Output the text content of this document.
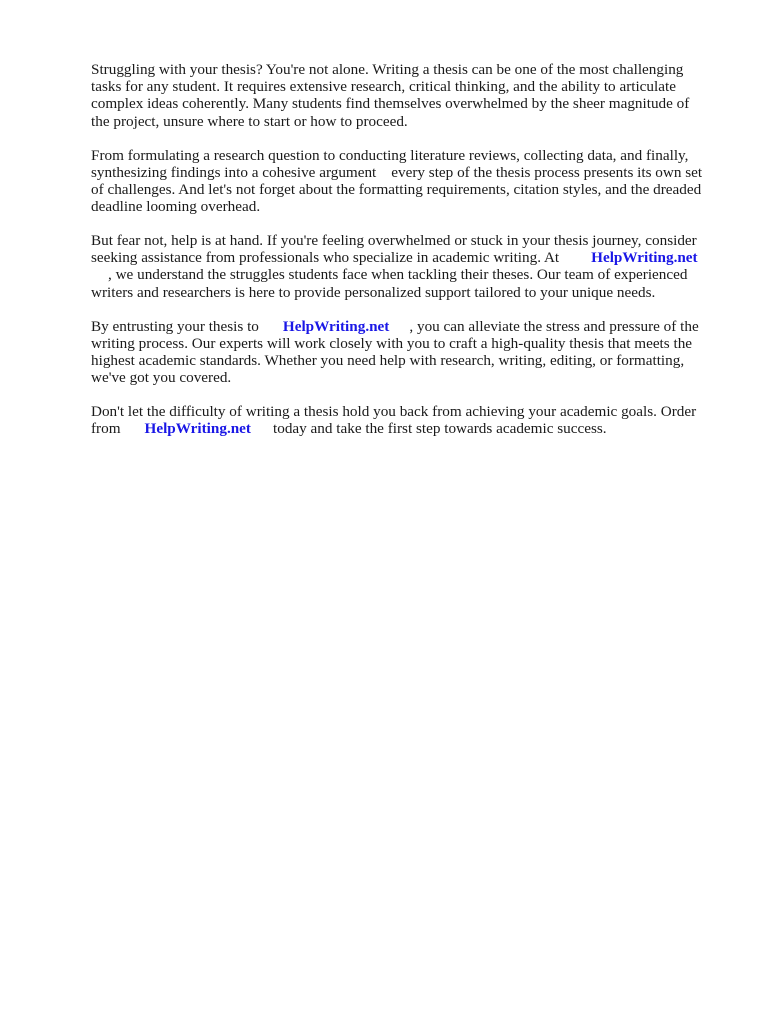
Struggling with your thesis? You're not alone. Writing a thesis can be one of the most challenging
tasks for any student. It requires extensive research, critical thinking, and the ability to articulate
complex ideas coherently. Many students find themselves overwhelmed by the sheer magnitude of
the project, unsure where to start or how to proceed.

From formulating a research question to conducting literature reviews, collecting data, and finally,
synthesizing findings into a cohesive argument every step of the thesis process presents its own set
of challenges. And let's not forget about the formatting requirements, citation styles, and the dreaded
deadline looming overhead.

But fear not, help is at hand. If you're feeling overwhelmed or stuck in your thesis journey, consider
seeking assistance from professionals who specialize in academic writing. At HelpWriting.net
, we understand the struggles students face when tackling their theses. Our team of experienced
writers and researchers is here to provide personalized support tailored to your unique needs.

By entrusting your thesis to HelpWriting.net , you can alleviate the stress and pressure of the
writing process. Our experts will work closely with you to craft a high-quality thesis that meets the
highest academic standards. Whether you need help with research, writing, editing, or formatting,
we've got you covered.

Don't let the difficulty of writing a thesis hold you back from achieving your academic goals. Order
from HelpWriting.net today and take the first step towards academic success.
